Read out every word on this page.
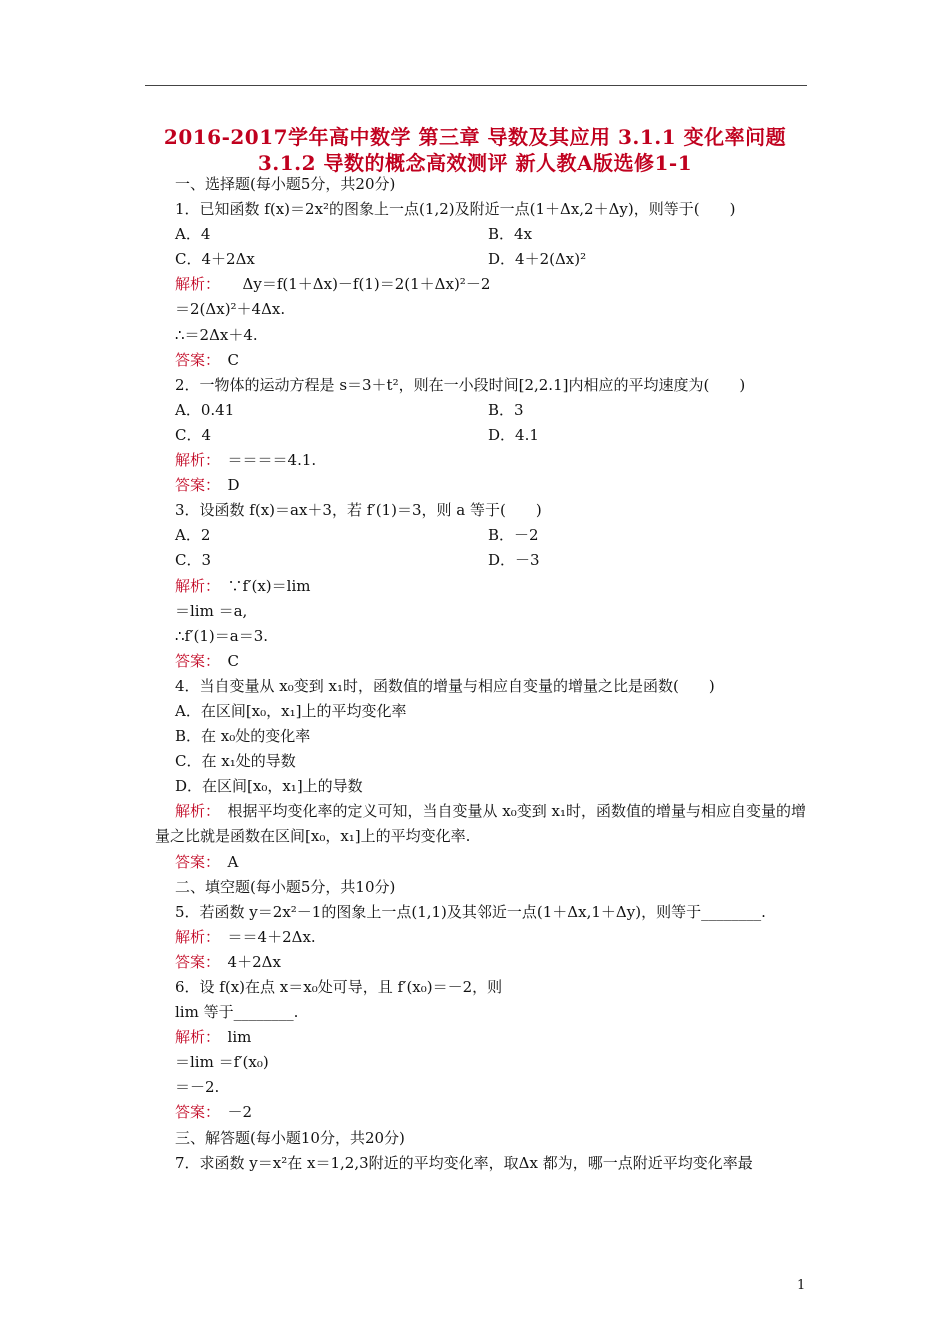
2016-2017学年高中数学 第三章 导数及其应用 3.1.1 变化率问题
3.1.2 导数的概念高效测评 新人教A版选修1-1
一、选择题(每小题5分，共20分)
1．已知函数 f(x)＝2x²的图象上一点(1,2)及附近一点(1＋Δx,2＋Δy)，则等于(　　)
A．4	B．4x
C．4＋2Δx	D．4＋2(Δx)²
解析：　　 Δy＝f(1＋Δx)－f(1)＝2(1＋Δx)²－2
＝2(Δx)²＋4Δx.
∴＝2Δx＋4.
答案：　 C
2．一物体的运动方程是 s＝3＋t²，则在一小段时间[2,2.1]内相应的平均速度为(　　)
A．0.41	B．3
C．4	D．4.1
解析：　 ＝＝＝＝4.1.
答案：　 D
3．设函数 f(x)＝ax＋3，若 f′(1)＝3，则 a 等于(　　)
A．2	B．－2
C．3	D．－3
解析：　 ∵f′(x)＝lim
＝lim ＝a,
∴f′(1)＝a＝3.
答案：　 C
4．当自变量从 x₀变到 x₁时，函数值的增量与相应自变量的增量之比是函数(　　)
A．在区间[x₀，x₁]上的平均变化率
B．在 x₀处的变化率
C．在 x₁处的导数
D．在区间[x₀，x₁]上的导数
解析：　 根据平均变化率的定义可知，当自变量从 x₀变到 x₁时，函数值的增量与相应自变量的增量之比就是函数在区间[x₀，x₁]上的平均变化率.
答案：　 A
二、填空题(每小题5分，共10分)
5．若函数 y＝2x²－1的图象上一点(1,1)及其邻近一点(1＋Δx,1＋Δy)，则等于________.
解析：　 ＝＝4＋2Δx.
答案：　 4＋2Δx
6．设 f(x)在点 x＝x₀处可导，且 f′(x₀)＝－2，则
lim 等于________.
解析：　 lim
＝lim ＝f′(x₀)
＝－2.
答案：　 －2
三、解答题(每小题10分，共20分)
7．求函数 y＝x²在 x＝1,2,3附近的平均变化率，取Δx 都为，哪一点附近平均变化率最
1
